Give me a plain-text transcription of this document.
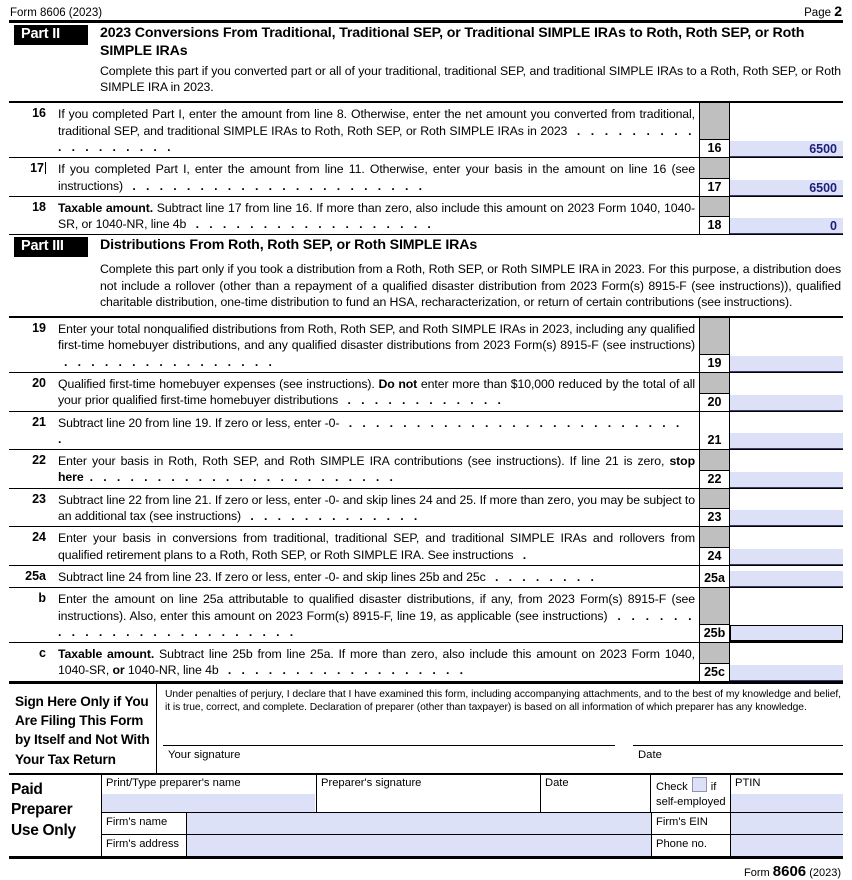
Form 8606 (2023)	Page 2
Part II	2023 Conversions From Traditional, Traditional SEP, or Traditional SIMPLE IRAs to Roth, Roth SEP, or Roth SIMPLE IRAs
Complete this part if you converted part or all of your traditional, traditional SEP, and traditional SIMPLE IRAs to a Roth, Roth SEP, or Roth SIMPLE IRA in 2023.
16 If you completed Part I, enter the amount from line 8. Otherwise, enter the net amount you converted from traditional, traditional SEP, and traditional SIMPLE IRAs to Roth, Roth SEP, or Roth SIMPLE IRAs in 2023 . . . . . . . . . . . . . . . . . .	16	6500
17	If you completed Part I, enter the amount from line 11. Otherwise, enter your basis in the amount on line 16 (see instructions) . . . . . . . . . . . . . . . . . . . . . .	17	6500
18 Taxable amount. Subtract line 17 from line 16. If more than zero, also include this amount on 2023 Form 1040, 1040-SR, or 1040-NR, line 4b . . . . . . . . . . . . . . . . . .	18	0
Part III	Distributions From Roth, Roth SEP, or Roth SIMPLE IRAs
Complete this part only if you took a distribution from a Roth, Roth SEP, or Roth SIMPLE IRA in 2023. For this purpose, a distribution does not include a rollover (other than a repayment of a qualified disaster distribution from 2023 Form(s) 8915-F (see instructions)), qualified charitable distribution, one-time distribution to fund an HSA, recharacterization, or return of certain contributions (see instructions).
19 Enter your total nonqualified distributions from Roth, Roth SEP, and Roth SIMPLE IRAs in 2023, including any qualified first-time homebuyer distributions, and any qualified disaster distributions from 2023 Form(s) 8915-F (see instructions) . . . . . . . . . . . . . . . .	19
20 Qualified first-time homebuyer expenses (see instructions). Do not enter more than $10,000 reduced by the total of all your prior qualified first-time homebuyer distributions . . . . . . . . . . . .	20
21 Subtract line 20 from line 19. If zero or less, enter -0- . . . . . . . . . . . . . . . . . . . . . . . . . .	21
22 Enter your basis in Roth, Roth SEP, and Roth SIMPLE IRA contributions (see instructions). If line 21 is zero, stop here . . . . . . . . . . . . . . . . . . . . . . .	22
23 Subtract line 22 from line 21. If zero or less, enter -0- and skip lines 24 and 25. If more than zero, you may be subject to an additional tax (see instructions) . . . . . . . . . . . . .	23
24 Enter your basis in conversions from traditional, traditional SEP, and traditional SIMPLE IRAs and rollovers from qualified retirement plans to a Roth, Roth SEP, or Roth SIMPLE IRA. See instructions .	24
25a Subtract line 24 from line 23. If zero or less, enter -0- and skip lines 25b and 25c . . . . . . . .	25a
b Enter the amount on line 25a attributable to qualified disaster distributions, if any, from 2023 Form(s) 8915-F (see instructions). Also, enter this amount on 2023 Form(s) 8915-F, line 19, as applicable (see instructions) . . . . . . . . . . . . . . . . . . . . . . . .	25b
c Taxable amount. Subtract line 25b from line 25a. If more than zero, also include this amount on 2023 Form 1040, 1040-SR, or 1040-NR, line 4b . . . . . . . . . . . . . . . . . .	25c
Sign Here Only if You Are Filing This Form by Itself and Not With Your Tax Return
Under penalties of perjury, I declare that I have examined this form, including accompanying attachments, and to the best of my knowledge and belief, it is true, correct, and complete. Declaration of preparer (other than taxpayer) is based on all information of which preparer has any knowledge.
Your signature	Date
Paid Preparer Use Only
Print/Type preparer's name	Preparer's signature	Date	Check if
self-employed
PTIN
Firm's name	Firm's EIN
Firm's address	Phone no.
Form 8606 (2023)
